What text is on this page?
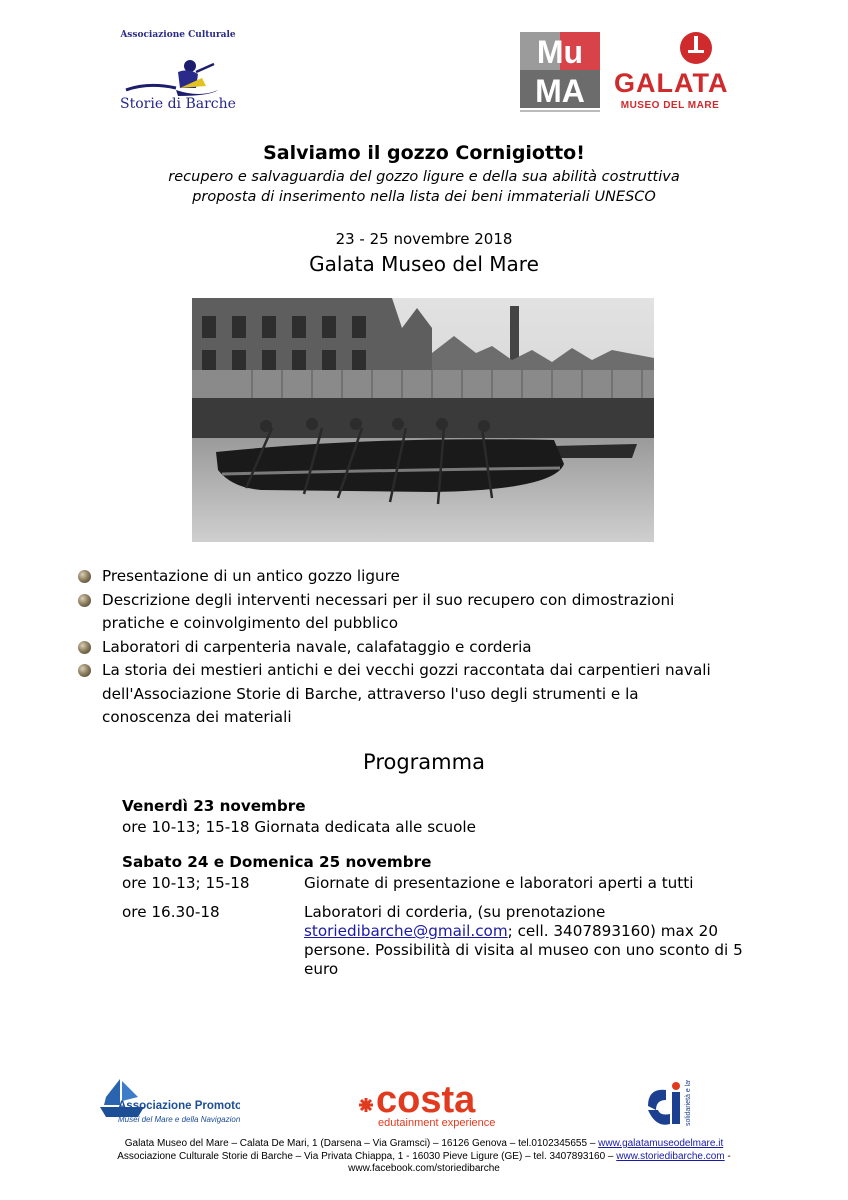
Associazione Culturale
Storie di Barche
Mu
MA GALATA
MUSEO DEL MARE
Salviamo il gozzo Cornigiotto!
recupero e salvaguardia del gozzo ligure e della sua abilità costruttiva
proposta di inserimento nella lista dei beni immateriali UNESCO
23 - 25 novembre 2018
Galata Museo del Mare
Presentazione di un antico gozzo ligure
Descrizione degli interventi necessari per il suo recupero con dimostrazioni
pratiche e coinvolgimento del pubblico
Laboratori di carpenteria navale, calafataggio e corderia
La storia dei mestieri antichi e dei vecchi gozzi raccontata dai carpentieri navali
dell'Associazione Storie di Barche, attraverso l'uso degli strumenti e la
conoscenza dei materiali
Programma
Venerdì 23 novembre
ore 10-13; 15-18 Giornata dedicata alle scuole
Sabato 24 e Domenica 25 novembre
ore 10-13; 15-18	Giornate di presentazione e laboratori aperti a tutti
ore 16.30-18	Laboratori di corderia, (su prenotazione
storiedibarche@gmail.com; cell. 3407893160) max 20
persone. Possibilità di visita al museo con uno sconto di 5
euro
Associazione Promotori
Musei del Mare e della Navigazione	costa
edutainment experience	solidarietà e lavoro
Galata Museo del Mare – Calata De Mari, 1 (Darsena – Via Gramsci) – 16126 Genova – tel.0102345655 – www.galatamuseodelmare.it
Associazione Culturale Storie di Barche – Via Privata Chiappa, 1 - 16030 Pieve Ligure (GE) – tel. 3407893160 – www.storiedibarche.com -
www.facebook.com/storiedibarche
